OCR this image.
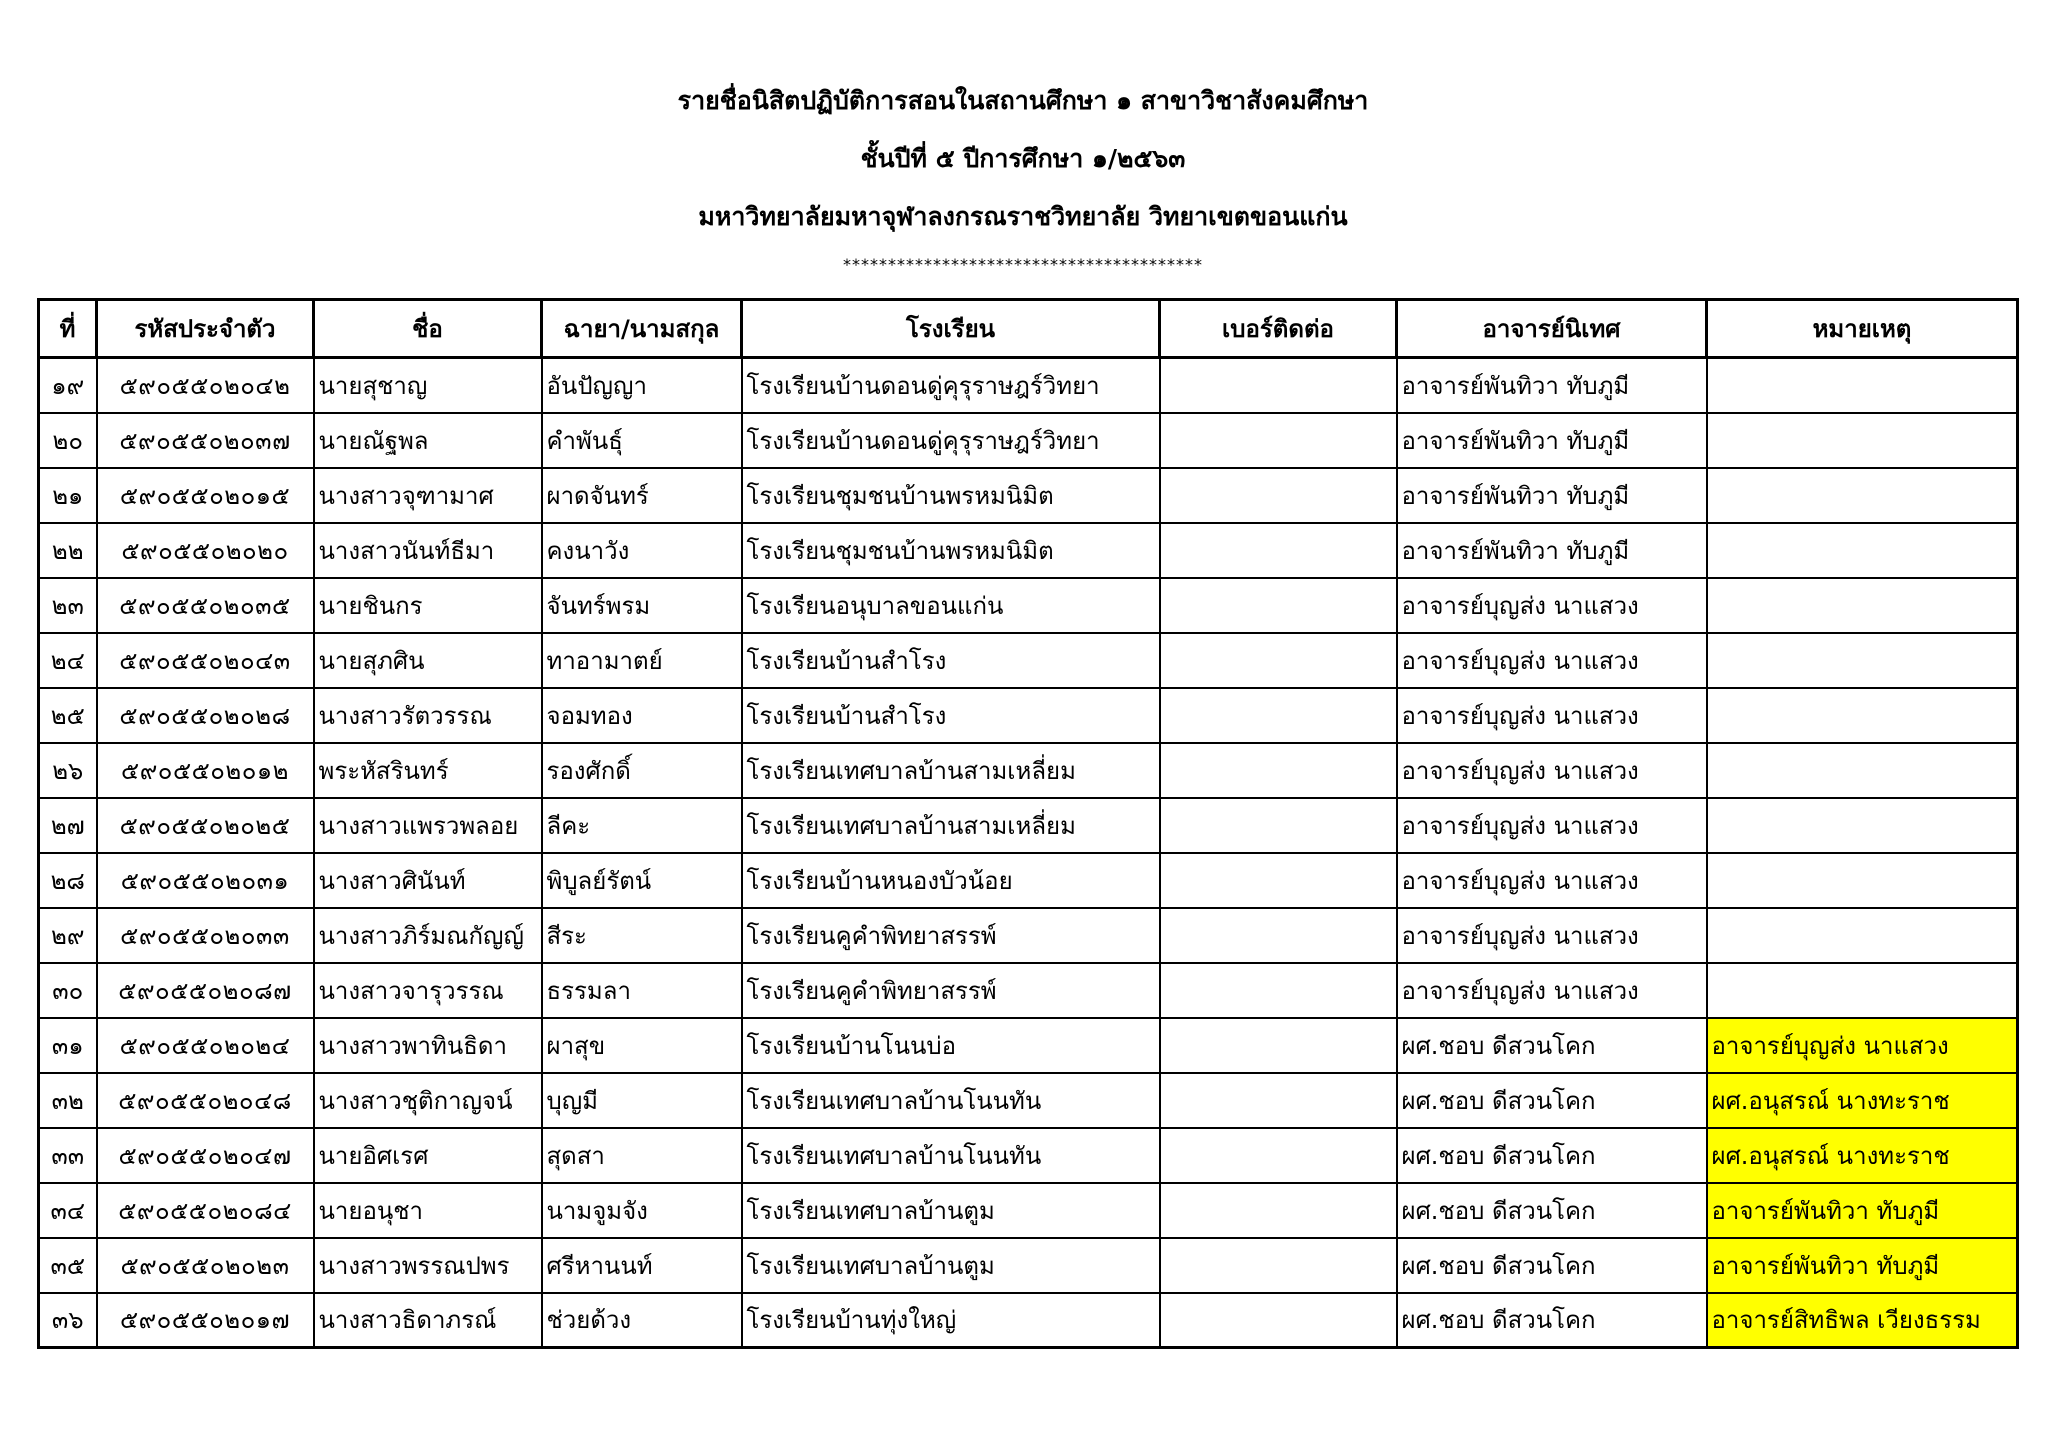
รายชื่อนิสิตปฏิบัติการสอนในสถานศึกษา ๑ สาขาวิชาสังคมศึกษา
ชั้นปีที่ ๕ ปีการศึกษา ๑/๒๕๖๓
มหาวิทยาลัยมหาจุฬาลงกรณราชวิทยาลัย วิทยาเขตขอนแก่น
****************************************
ที่	รหัสประจำตัว	ชื่อ	ฉายา/นามสกุล	โรงเรียน	เบอร์ติดต่อ	อาจารย์นิเทศ	หมายเหตุ
๑๙	๕๙๐๕๕๐๒๐๔๒	นายสุชาญ	อันปัญญา	โรงเรียนบ้านดอนดู่คุรุราษฎร์วิทยา		อาจารย์พันทิวา ทับภูมี	
๒๐	๕๙๐๕๕๐๒๐๓๗	นายณัฐพล	คำพันธุ์	โรงเรียนบ้านดอนดู่คุรุราษฎร์วิทยา		อาจารย์พันทิวา ทับภูมี	
๒๑	๕๙๐๕๕๐๒๐๑๕	นางสาวจุฑามาศ	ผาดจันทร์	โรงเรียนชุมชนบ้านพรหมนิมิต		อาจารย์พันทิวา ทับภูมี	
๒๒	๕๙๐๕๕๐๒๐๒๐	นางสาวนันท์ธีมา	คงนาวัง	โรงเรียนชุมชนบ้านพรหมนิมิต		อาจารย์พันทิวา ทับภูมี	
๒๓	๕๙๐๕๕๐๒๐๓๕	นายชินกร	จันทร์พรม	โรงเรียนอนุบาลขอนแก่น		อาจารย์บุญส่ง นาแสวง	
๒๔	๕๙๐๕๕๐๒๐๔๓	นายสุภศิน	ทาอามาตย์	โรงเรียนบ้านสำโรง		อาจารย์บุญส่ง นาแสวง	
๒๕	๕๙๐๕๕๐๒๐๒๘	นางสาวรัตวรรณ	จอมทอง	โรงเรียนบ้านสำโรง		อาจารย์บุญส่ง นาแสวง	
๒๖	๕๙๐๕๕๐๒๐๑๒	พระหัสรินทร์	รองศักดิ์	โรงเรียนเทศบาลบ้านสามเหลี่ยม		อาจารย์บุญส่ง นาแสวง	
๒๗	๕๙๐๕๕๐๒๐๒๕	นางสาวแพรวพลอย	ลีคะ	โรงเรียนเทศบาลบ้านสามเหลี่ยม		อาจารย์บุญส่ง นาแสวง	
๒๘	๕๙๐๕๕๐๒๐๓๑	นางสาวศินันท์	พิบูลย์รัตน์	โรงเรียนบ้านหนองบัวน้อย		อาจารย์บุญส่ง นาแสวง	
๒๙	๕๙๐๕๕๐๒๐๓๓	นางสาวภิร์มณกัญญ์	สีระ	โรงเรียนคูคำพิทยาสรรพ์		อาจารย์บุญส่ง นาแสวง	
๓๐	๕๙๐๕๕๐๒๐๘๗	นางสาวจารุวรรณ	ธรรมลา	โรงเรียนคูคำพิทยาสรรพ์		อาจารย์บุญส่ง นาแสวง	
๓๑	๕๙๐๕๕๐๒๐๒๔	นางสาวพาทินธิดา	ผาสุข	โรงเรียนบ้านโนนบ่อ		ผศ.ชอบ ดีสวนโคก	อาจารย์บุญส่ง นาแสวง
๓๒	๕๙๐๕๕๐๒๐๔๘	นางสาวชุติกาญจน์	บุญมี	โรงเรียนเทศบาลบ้านโนนทัน		ผศ.ชอบ ดีสวนโคก	ผศ.อนุสรณ์ นางทะราช
๓๓	๕๙๐๕๕๐๒๐๔๗	นายอิศเรศ	สุดสา	โรงเรียนเทศบาลบ้านโนนทัน		ผศ.ชอบ ดีสวนโคก	ผศ.อนุสรณ์ นางทะราช
๓๔	๕๙๐๕๕๐๒๐๘๔	นายอนุชา	นามจูมจัง	โรงเรียนเทศบาลบ้านตูม		ผศ.ชอบ ดีสวนโคก	อาจารย์พันทิวา ทับภูมี
๓๕	๕๙๐๕๕๐๒๐๒๓	นางสาวพรรณปพร	ศรีหานนท์	โรงเรียนเทศบาลบ้านตูม		ผศ.ชอบ ดีสวนโคก	อาจารย์พันทิวา ทับภูมี
๓๖	๕๙๐๕๕๐๒๐๑๗	นางสาวธิดาภรณ์	ช่วยด้วง	โรงเรียนบ้านทุ่งใหญ่		ผศ.ชอบ ดีสวนโคก	อาจารย์สิทธิพล เวียงธรรม
